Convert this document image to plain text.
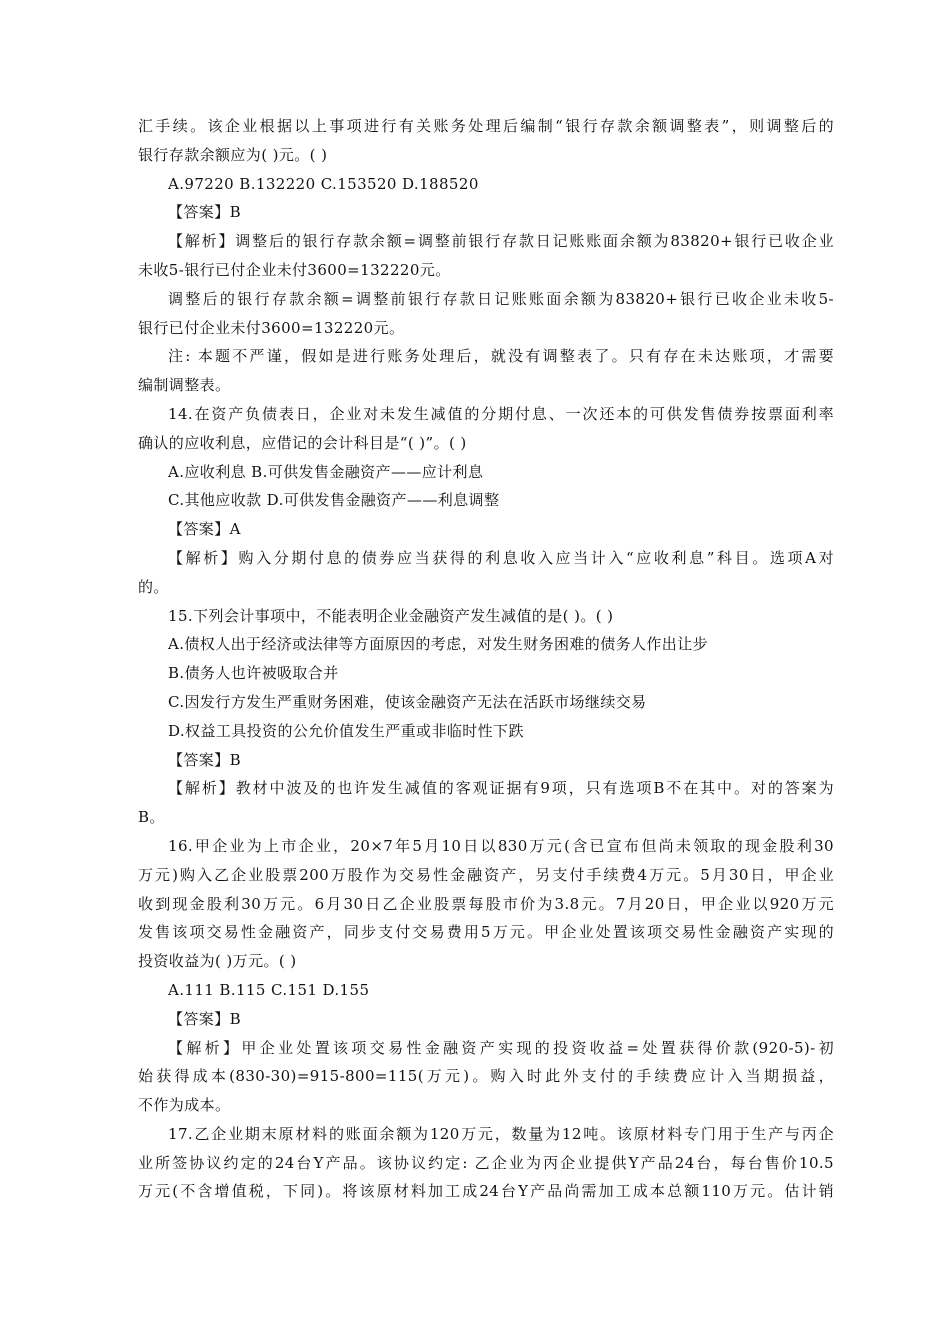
汇手续。该企业根据以上事项进行有关账务处理后编制“银行存款余额调整表”，则调整后的
银行存款余额应为( )元。( )
A.97220 B.132220 C.153520 D.188520
【答案】B
【解析】调整后的银行存款余额=调整前银行存款日记账账面余额为83820+银行已收企业
未收5-银行已付企业未付3600=132220元。
调整后的银行存款余额=调整前银行存款日记账账面余额为83820+银行已收企业未收5-
银行已付企业未付3600=132220元。
注: 本题不严谨，假如是进行账务处理后，就没有调整表了。只有存在未达账项，才需要
编制调整表。
14.在资产负债表日，企业对未发生减值的分期付息、一次还本的可供发售债券按票面利率
确认的应收利息，应借记的会计科目是“( )”。( )
A.应收利息 B.可供发售金融资产——应计利息
C.其他应收款 D.可供发售金融资产——利息调整
【答案】A
【解析】购入分期付息的债券应当获得的利息收入应当计入“应收利息”科目。选项A对
的。
15.下列会计事项中，不能表明企业金融资产发生减值的是( )。( )
A.债权人出于经济或法律等方面原因的考虑，对发生财务困难的债务人作出让步
B.债务人也许被吸取合并
C.因发行方发生严重财务困难，使该金融资产无法在活跃市场继续交易
D.权益工具投资的公允价值发生严重或非临时性下跌
【答案】B
【解析】教材中波及的也许发生减值的客观证据有9项，只有选项B不在其中。对的答案为
B。
16.甲企业为上市企业，20×7年5月10日以830万元(含已宣布但尚未领取的现金股利30
万元)购入乙企业股票200万股作为交易性金融资产，另支付手续费4万元。5月30日，甲企业
收到现金股利30万元。6月30日乙企业股票每股市价为3.8元。7月20日，甲企业以920万元
发售该项交易性金融资产，同步支付交易费用5万元。甲企业处置该项交易性金融资产实现的
投资收益为( )万元。( )
A.111 B.115 C.151 D.155
【答案】B
【解析】甲企业处置该项交易性金融资产实现的投资收益=处置获得价款(920-5)-初
始获得成本(830-30)=915-800=115(万元)。购入时此外支付的手续费应计入当期损益，
不作为成本。
17.乙企业期末原材料的账面余额为120万元，数量为12吨。该原材料专门用于生产与丙企
业所签协议约定的24台Y产品。该协议约定: 乙企业为丙企业提供Y产品24台，每台售价10.5
万元(不含增值税，下同)。将该原材料加工成24台Y产品尚需加工成本总额110万元。估计销
